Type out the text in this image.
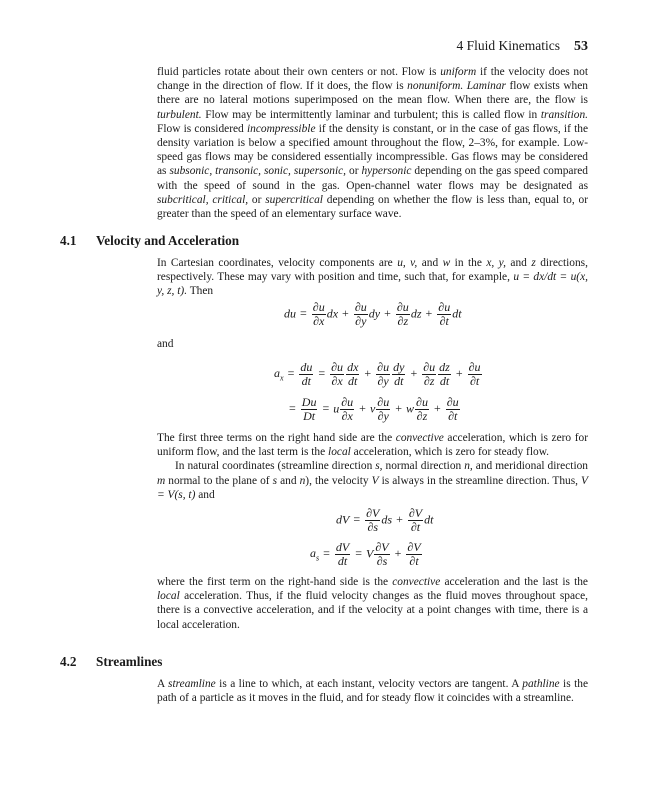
4 Fluid Kinematics 53

fluid particles rotate about their own centers or not. Flow is uniform if the velocity does not change in the direction of flow. If it does, the flow is nonuniform. Laminar flow exists when there are no lateral motions superimposed on the mean flow. When there are, the flow is turbulent. Flow may be intermittently laminar and turbulent; this is called flow in transition. Flow is considered incompressible if the density is constant, or in the case of gas flows, if the density variation is below a specified amount throughout the flow, 2–3%, for example. Low-speed gas flows may be considered essentially incompressible. Gas flows may be considered as subsonic, transonic, sonic, supersonic, or hypersonic depending on the gas speed compared with the speed of sound in the gas. Open-channel water flows may be designated as subcritical, critical, or supercritical depending on whether the flow is less than, equal to, or greater than the speed of an elementary surface wave.

4.1 Velocity and Acceleration

In Cartesian coordinates, velocity components are u, v, and w in the x, y, and z directions, respectively. These may vary with position and time, such that, for example, u = dx/dt = u(x, y, z, t). Then

du = $\frac{\partial u}{\partial x}$ dx + $\frac{\partial u}{\partial y}$ dy + $\frac{\partial u}{\partial z}$ dz + $\frac{\partial u}{\partial t}$ dt
and
$a_x = \frac{du}{dt} = \frac{\partial u}{\partial x} \frac{dx}{dt} + \frac{\partial u}{\partial y} \frac{dy}{dt} + \frac{\partial u}{\partial z} \frac{dz}{dt} + \frac{\partial u}{\partial t}$
= $\frac{Du}{Dt} = u \frac{\partial u}{\partial x} + v \frac{\partial u}{\partial y} + w \frac{\partial u}{\partial z} + \frac{\partial u}{\partial t}$

The first three terms on the right hand side are the convective acceleration, which is zero for uniform flow, and the last term is the local acceleration, which is zero for steady flow.

In natural coordinates (streamline direction s, normal direction n, and meridional direction m normal to the plane of s and n), the velocity V is always in the streamline direction. Thus, V = V(s, t) and

dV = $\frac{\partial V}{\partial s}$ ds + $\frac{\partial V}{\partial t}$ dt
$a_s = \frac{dV}{dt} = V \frac{\partial V}{\partial s} + \frac{\partial V}{\partial t}$

where the first term on the right-hand side is the convective acceleration and the last is the local acceleration. Thus, if the fluid velocity changes as the fluid moves throughout space, there is a convective acceleration, and if the velocity at a point changes with time, there is a local acceleration.

4.2 Streamlines

A streamline is a line to which, at each instant, velocity vectors are tangent. A pathline is the path of a particle as it moves in the fluid, and for steady flow it coincides with a streamline.
